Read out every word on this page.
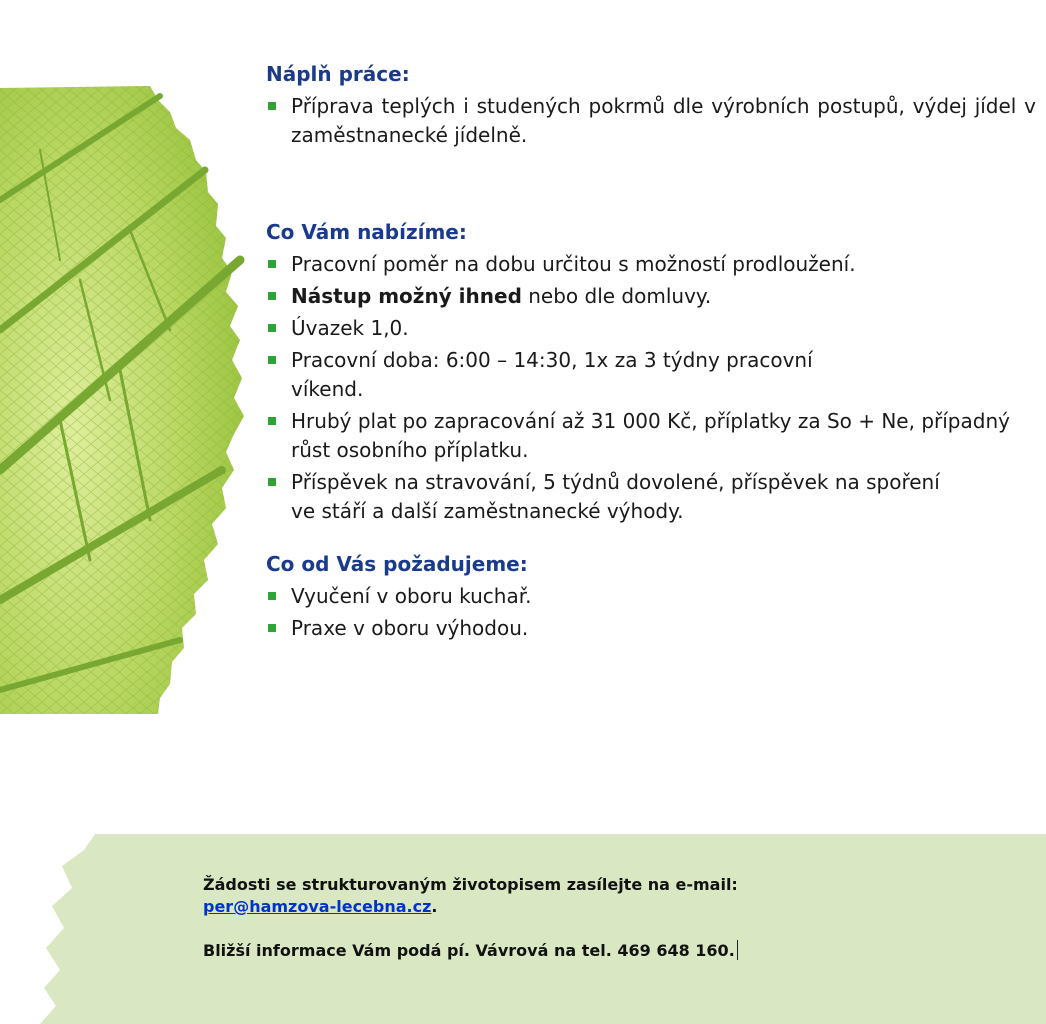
Náplň práce:
Příprava teplých i studených pokrmů dle výrobních postupů, výdej jídel v zaměstnanecké jídelně.
Co Vám nabízíme:
Pracovní poměr na dobu určitou s možností prodloužení.
Nástup možný ihned nebo dle domluvy.
Úvazek 1,0.
Pracovní doba: 6:00 – 14:30, 1x za 3 týdny pracovní víkend.
Hrubý plat po zapracování až 31 000 Kč, příplatky za So + Ne, případný růst osobního příplatku.
Příspěvek na stravování, 5 týdnů dovolené, příspěvek na spoření ve stáří a další zaměstnanecké výhody.
Co od Vás požadujeme:
Vyučení v oboru kuchař.
Praxe v oboru výhodou.
Žádosti se strukturovaným životopisem zasílejte na e-mail:
per@hamzova-lecebna.cz.
Bližší informace Vám podá pí. Vávrová na tel. 469 648 160.
